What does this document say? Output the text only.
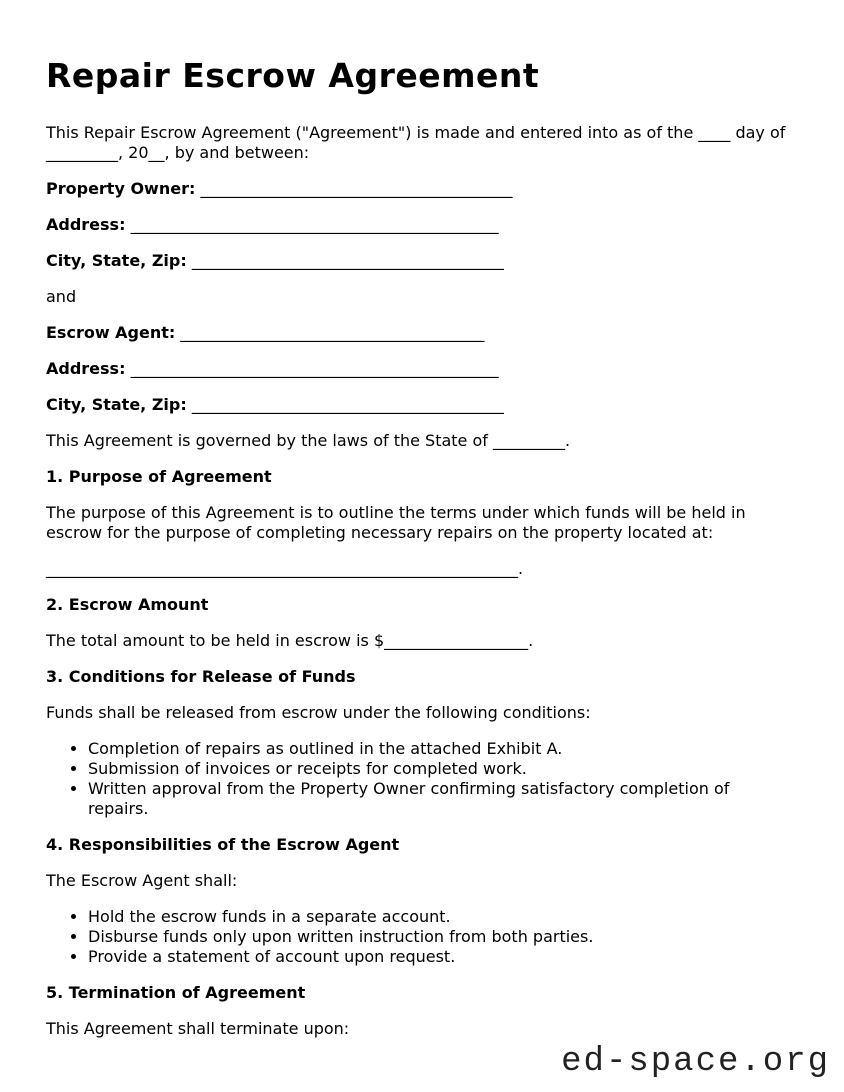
Repair Escrow Agreement

This Repair Escrow Agreement ("Agreement") is made and entered into as of the ____ day of _________, 20__, by and between:

Property Owner: _______________________________________

Address: ______________________________________________

City, State, Zip: _______________________________________

and

Escrow Agent: ______________________________________

Address: ______________________________________________

City, State, Zip: _______________________________________

This Agreement is governed by the laws of the State of _________.

1. Purpose of Agreement

The purpose of this Agreement is to outline the terms under which funds will be held in escrow for the purpose of completing necessary repairs on the property located at:

___________________________________________________________.

2. Escrow Amount

The total amount to be held in escrow is $__________________.

3. Conditions for Release of Funds

Funds shall be released from escrow under the following conditions:

• Completion of repairs as outlined in the attached Exhibit A.
• Submission of invoices or receipts for completed work.
• Written approval from the Property Owner confirming satisfactory completion of repairs.
4. Responsibilities of the Escrow Agent

The Escrow Agent shall:

• Hold the escrow funds in a separate account.
• Disburse funds only upon written instruction from both parties.
• Provide a statement of account upon request.
5. Termination of Agreement

This Agreement shall terminate upon:

ed-space.org
